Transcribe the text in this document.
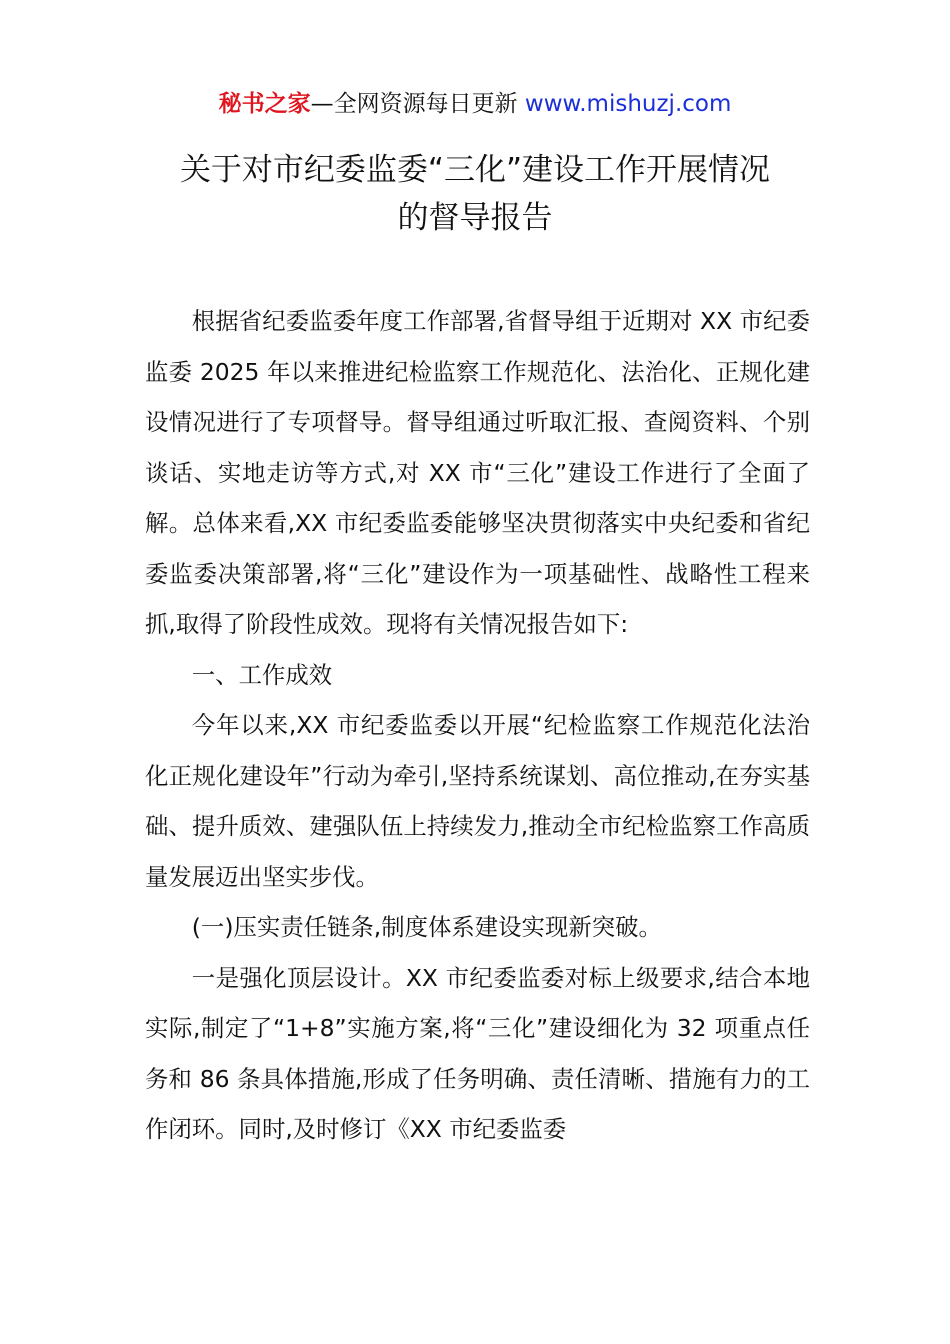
秘书之家—全网资源每日更新 www.mishuzj.com
关于对市纪委监委“三化”建设工作开展情况
的督导报告

根据省纪委监委年度工作部署,省督导组于近期对 XX 市纪委监委 2025 年以来推进纪检监察工作规范化、法治化、正规化建设情况进行了专项督导。督导组通过听取汇报、查阅资料、个别谈话、实地走访等方式,对 XX 市“三化”建设工作进行了全面了解。总体来看,XX 市纪委监委能够坚决贯彻落实中央纪委和省纪委监委决策部署,将“三化”建设作为一项基础性、战略性工程来抓,取得了阶段性成效。现将有关情况报告如下:

一、工作成效

今年以来,XX 市纪委监委以开展“纪检监察工作规范化法治化正规化建设年”行动为牵引,坚持系统谋划、高位推动,在夯实基础、提升质效、建强队伍上持续发力,推动全市纪检监察工作高质量发展迈出坚实步伐。

(一)压实责任链条,制度体系建设实现新突破。

一是强化顶层设计。XX 市纪委监委对标上级要求,结合本地实际,制定了“1+8”实施方案,将“三化”建设细化为 32 项重点任务和 86 条具体措施,形成了任务明确、责任清晰、措施有力的工作闭环。同时,及时修订《XX 市纪委监委
